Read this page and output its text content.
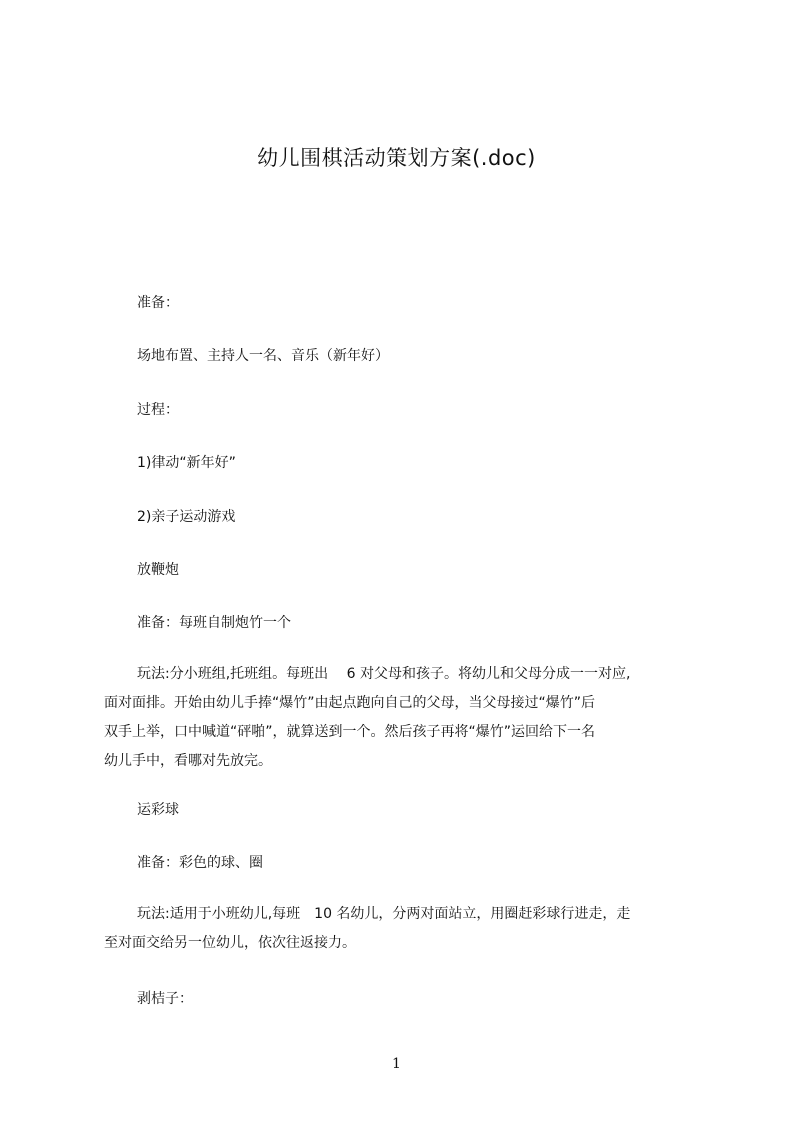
幼儿围棋活动策划方案(.doc)
准备：
场地布置、主持人一名、音乐（新年好）
过程：
1)律动“新年好”
2)亲子运动游戏
放鞭炮
准备：每班自制炮竹一个
玩法:分小班组,托班组。每班出　 6 对父母和孩子。将幼儿和父母分成一一对应,
面对面排。开始由幼儿手捧“爆竹”由起点跑向自己的父母，当父母接过“爆竹”后
双手上举，口中喊道“砰啪”，就算送到一个。然后孩子再将“爆竹”运回给下一名
幼儿手中，看哪对先放完。
运彩球
准备：彩色的球、圈
玩法:适用于小班幼儿,每班　10 名幼儿，分两对面站立，用圈赶彩球行进走，走
至对面交给另一位幼儿，依次往返接力。
剥桔子：
1
